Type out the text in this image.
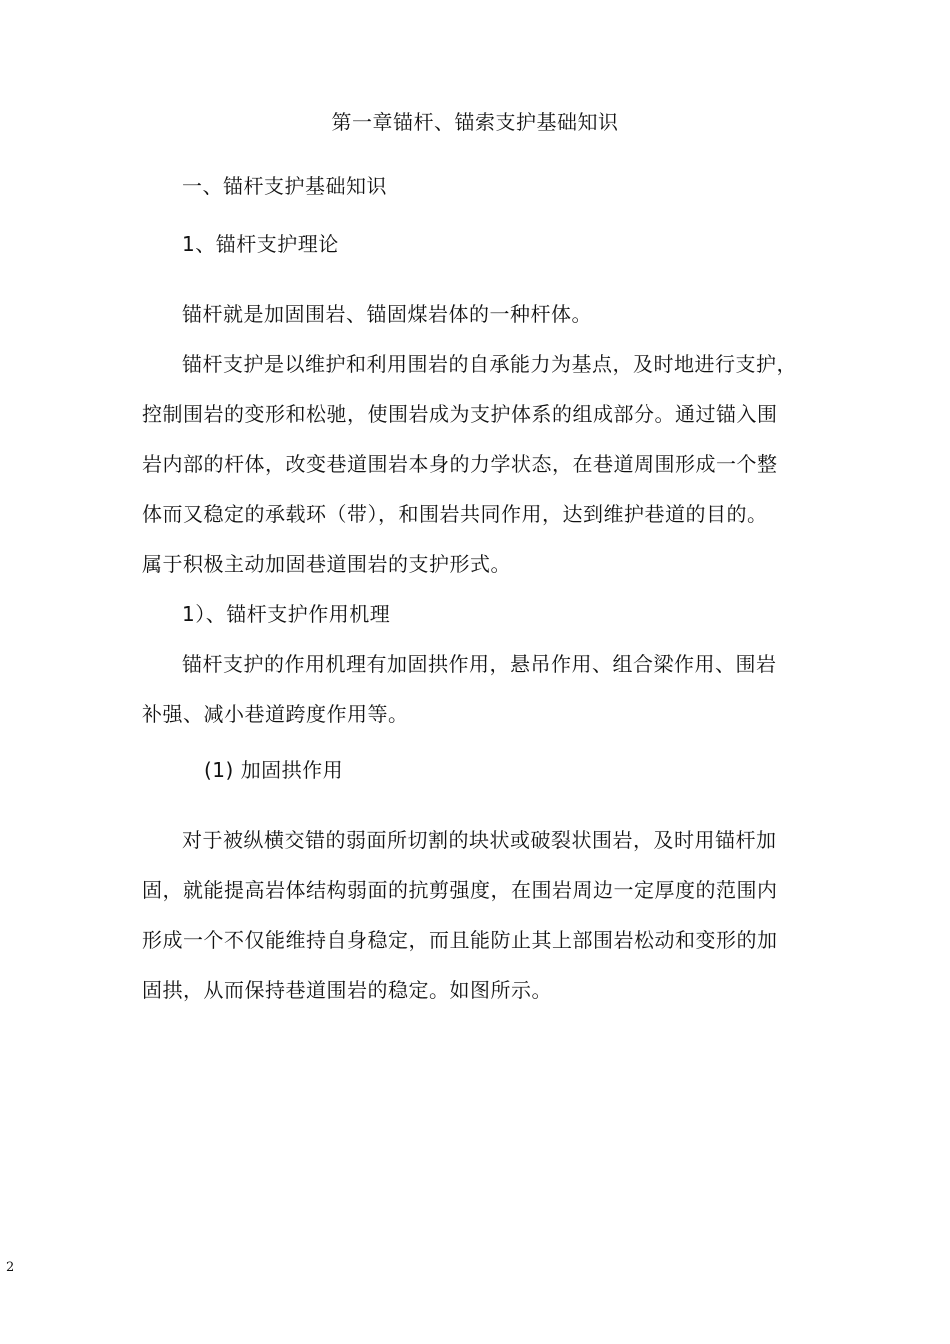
第一章锚杆、锚索支护基础知识
一、锚杆支护基础知识
1、锚杆支护理论
锚杆就是加固围岩、锚固煤岩体的一种杆体。
锚杆支护是以维护和利用围岩的自承能力为基点，及时地进行支护，
控制围岩的变形和松驰，使围岩成为支护体系的组成部分。通过锚入围
岩内部的杆体，改变巷道围岩本身的力学状态，在巷道周围形成一个整
体而又稳定的承载环（带），和围岩共同作用，达到维护巷道的目的。
属于积极主动加固巷道围岩的支护形式。
1）、锚杆支护作用机理
锚杆支护的作用机理有加固拱作用，悬吊作用、组合梁作用、围岩
补强、减小巷道跨度作用等。
(1) 加固拱作用
对于被纵横交错的弱面所切割的块状或破裂状围岩，及时用锚杆加
固，就能提高岩体结构弱面的抗剪强度，在围岩周边一定厚度的范围内
形成一个不仅能维持自身稳定，而且能防止其上部围岩松动和变形的加
固拱，从而保持巷道围岩的稳定。如图所示。
2
